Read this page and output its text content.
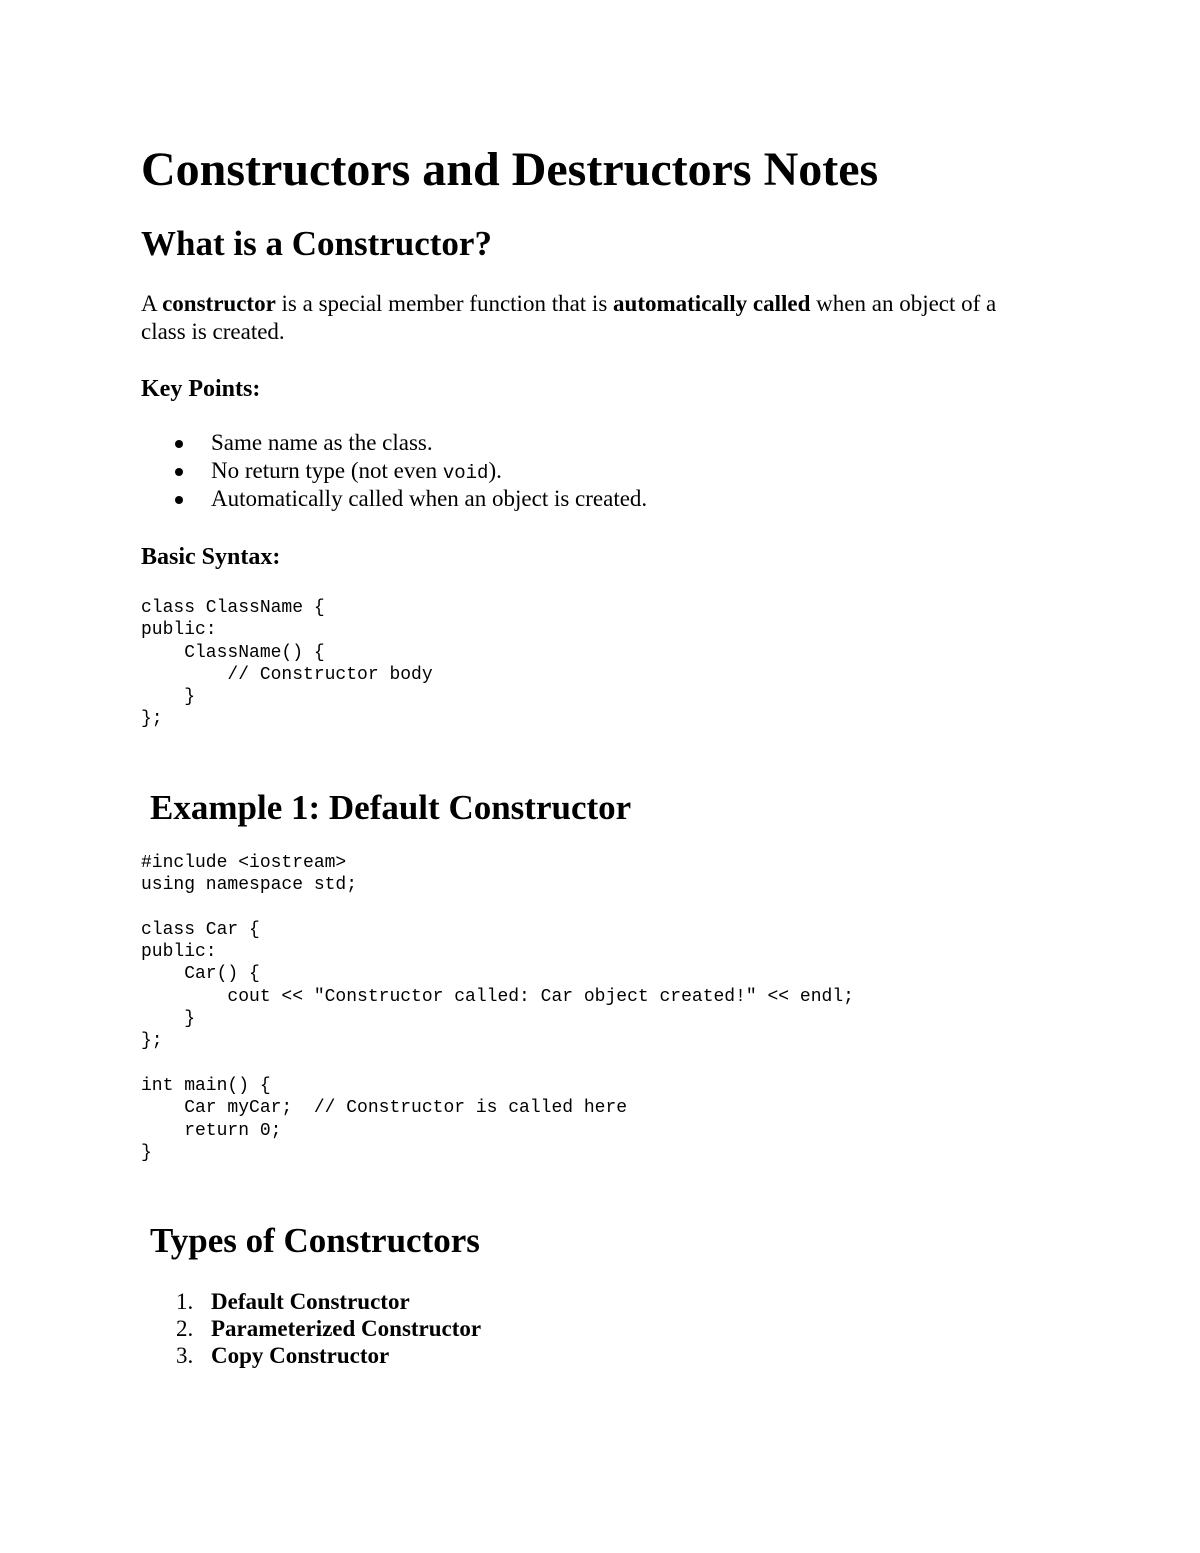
Constructors and Destructors Notes
What is a Constructor?

A constructor is a special member function that is automatically called when an object of a class is created.

Key Points:
Same name as the class.
No return type (not even void).
Automatically called when an object is created.
Basic Syntax:
class ClassName {
public:
ClassName() {
// Constructor body
}
};
Example 1: Default Constructor
#include <iostream>
using namespace std;

class Car {
public:
Car() {
cout << "Constructor called: Car object created!" << endl;
}
};

int main() {
Car myCar;  // Constructor is called here
return 0;
}
Types of Constructors
1. Default Constructor
2. Parameterized Constructor
3. Copy Constructor
